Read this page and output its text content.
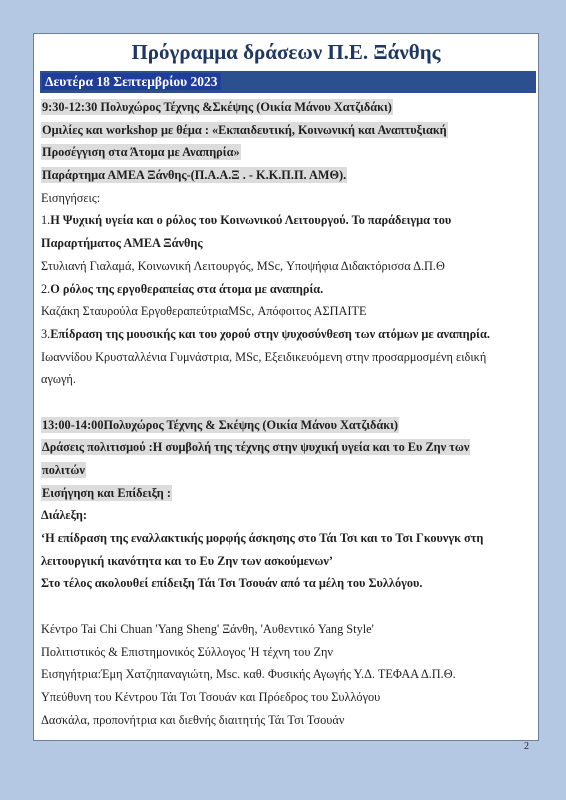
Πρόγραμμα δράσεων Π.Ε. Ξάνθης
Δευτέρα 18 Σεπτεμβρίου 2023
9:30-12:30 Πολυχώρος Τέχνης &Σκέψης (Οικία Μάνου Χατζιδάκι)
Ομιλίες και workshop με θέμα : «Εκπαιδευτική, Κοινωνική και Αναπτυξιακή
Προσέγγιση στα Άτομα με Αναπηρία»
Παράρτημα ΑΜΕΑ Ξάνθης-(Π.Α.Α.Ξ . - Κ.Κ.Π.Π. ΑΜΘ).
Εισηγήσεις:
1.Η Ψυχική υγεία και ο ρόλος του Κοινωνικού Λειτουργού. Το παράδειγμα του
Παραρτήματος ΑΜΕΑ Ξάνθης
Στυλιανή Γιαλαμά, Κοινωνική Λειτουργός, MSc, Υποψήφια Διδακτόρισσα Δ.Π.Θ
2.Ο ρόλος της εργοθεραπείας στα άτομα με αναπηρία.
Καζάκη Σταυρούλα ΕργοθεραπεύτριαMSc, Απόφοιτος ΑΣΠΑΙΤΕ
3.Επίδραση της μουσικής και του χορού στην ψυχοσύνθεση των ατόμων με αναπηρία.
Ιωαννίδου Κρυσταλλένια Γυμνάστρια, MSc, Εξειδικευόμενη στην προσαρμοσμένη ειδική
αγωγή.
13:00-14:00Πολυχώρος Τέχνης & Σκέψης (Οικία Μάνου Χατζιδάκι)
Δράσεις πολιτισμού :Η συμβολή της τέχνης στην ψυχική υγεία και το Ευ Ζην των
πολιτών
Εισήγηση και Επίδειξη :
Διάλεξη:
‘Η επίδραση της εναλλακτικής μορφής άσκησης στο Τάι Τσι και το Τσι Γκουνγκ στη
λειτουργική ικανότητα και το Ευ Ζην των ασκούμενων’
Στο τέλος ακολουθεί επίδειξη Τάι Τσι Τσουάν από τα μέλη του Συλλόγου.
Κέντρο Tai Chi Chuan 'Yang Sheng' Ξάνθη, 'Αυθεντικό Yang Style'
Πολιτιστικός & Επιστημονικός Σύλλογος 'Η τέχνη του Ζην
Εισηγήτρια:Έμη Χατζηπαναγιώτη, Msc. καθ. Φυσικής Αγωγής Υ.Δ. ΤΕΦΑΑ Δ.Π.Θ.
Υπεύθυνη του Κέντρου Τάι Τσι Τσουάν και Πρόεδρος του Συλλόγου
Δασκάλα, προπονήτρια και διεθνής διαιτητής Τάι Τσι Τσουάν
2
